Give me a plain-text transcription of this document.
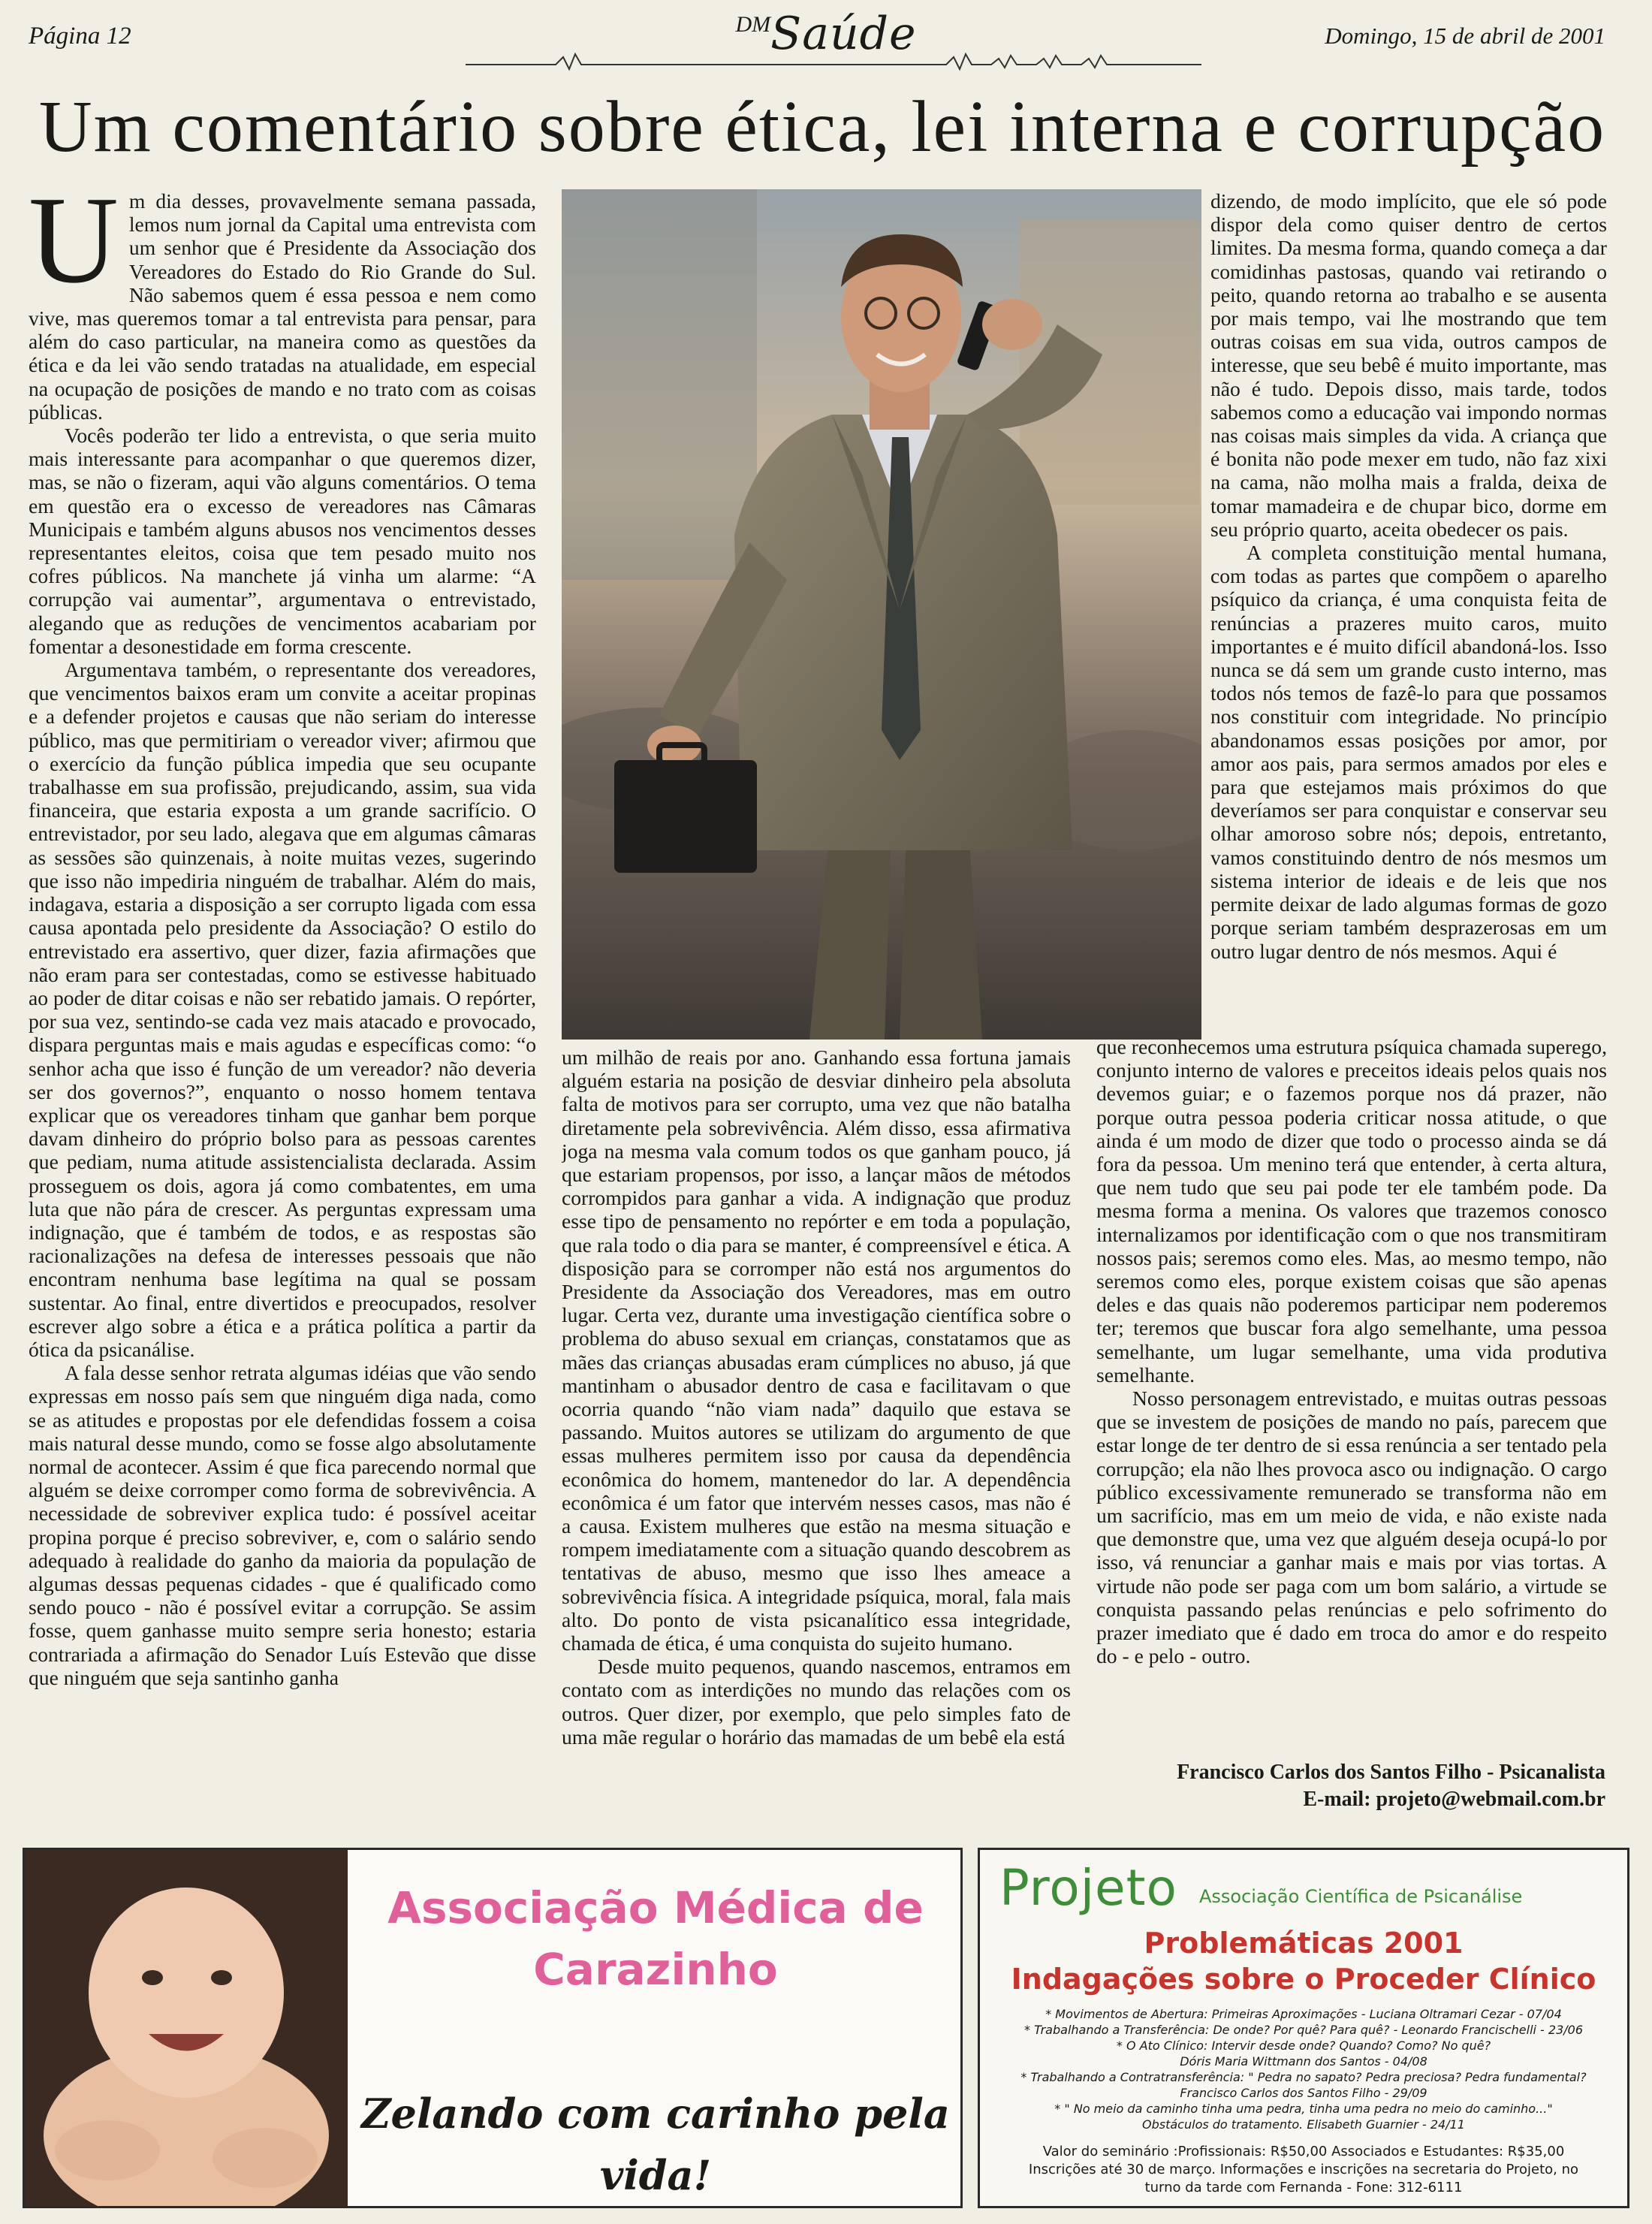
Página 12	DMSaúde	Domingo, 15 de abril de 2001
Um comentário sobre ética, lei interna e corrupção
U m dia desses, provavelmente semana passada, lemos num jornal da Capital uma entrevista com um senhor que é Presidente da Associação dos Vereadores do Estado do Rio Grande do Sul. Não sabemos quem é essa pessoa e nem como vive, mas queremos tomar a tal entrevista para pensar, para além do caso particular, na maneira como as questões da ética e da lei vão sendo tratadas na atualidade, em especial na ocupação de posições de mando e no trato com as coisas públicas.

Vocês poderão ter lido a entrevista, o que seria muito mais interessante para acompanhar o que queremos dizer, mas, se não o fizeram, aqui vão alguns comentários. O tema em questão era o excesso de vereadores nas Câmaras Municipais e também alguns abusos nos vencimentos desses representantes eleitos, coisa que tem pesado muito nos cofres públicos. Na manchete já vinha um alarme: “A corrupção vai aumentar”, argumentava o entrevistado, alegando que as reduções de vencimentos acabariam por fomentar a desonestidade em forma crescente.

Argumentava também, o representante dos vereadores, que vencimentos baixos eram um convite a aceitar propinas e a defender projetos e causas que não seriam do interesse público, mas que permitiriam o vereador viver; afirmou que o exercício da função pública impedia que seu ocupante trabalhasse em sua profissão, prejudicando, assim, sua vida financeira, que estaria exposta a um grande sacrifício. O entrevistador, por seu lado, alegava que em algumas câmaras as sessões são quinzenais, à noite muitas vezes, sugerindo que isso não impediria ninguém de trabalhar. Além do mais, indagava, estaria a disposição a ser corrupto ligada com essa causa apontada pelo presidente da Associação? O estilo do entrevistado era assertivo, quer dizer, fazia afirmações que não eram para ser contestadas, como se estivesse habituado ao poder de ditar coisas e não ser rebatido jamais. O repórter, por sua vez, sentindo-se cada vez mais atacado e provocado, dispara perguntas mais e mais agudas e específicas como: “o senhor acha que isso é função de um vereador? não deveria ser dos governos?”, enquanto o nosso homem tentava explicar que os vereadores tinham que ganhar bem porque davam dinheiro do próprio bolso para as pessoas carentes que pediam, numa atitude assistencialista declarada. Assim prosseguem os dois, agora já como combatentes, em uma luta que não pára de crescer. As perguntas expressam uma indignação, que é também de todos, e as respostas são racionalizações na defesa de interesses pessoais que não encontram nenhuma base legítima na qual se possam sustentar. Ao final, entre divertidos e preocupados, resolver escrever algo sobre a ética e a prática política a partir da ótica da psicanálise.

A fala desse senhor retrata algumas idéias que vão sendo expressas em nosso país sem que ninguém diga nada, como se as atitudes e propostas por ele defendidas fossem a coisa mais natural desse mundo, como se fosse algo absolutamente normal de acontecer. Assim é que fica parecendo normal que alguém se deixe corromper como forma de sobrevivência. A necessidade de sobreviver explica tudo: é possível aceitar propina porque é preciso sobreviver, e, com o salário sendo adequado à realidade do ganho da maioria da população de algumas dessas pequenas cidades - que é qualificado como sendo pouco - não é possível evitar a corrupção. Se assim fosse, quem ganhasse muito sempre seria honesto; estaria contrariada a afirmação do Senador Luís Estevão que disse que ninguém que seja santinho ganha

um milhão de reais por ano. Ganhando essa fortuna jamais alguém estaria na posição de desviar dinheiro pela absoluta falta de motivos para ser corrupto, uma vez que não batalha diretamente pela sobrevivência. Além disso, essa afirmativa joga na mesma vala comum todos os que ganham pouco, já que estariam propensos, por isso, a lançar mãos de métodos corrompidos para ganhar a vida. A indignação que produz esse tipo de pensamento no repórter e em toda a população, que rala todo o dia para se manter, é compreensível e ética. A disposição para se corromper não está nos argumentos do Presidente da Associação dos Vereadores, mas em outro lugar. Certa vez, durante uma investigação científica sobre o problema do abuso sexual em crianças, constatamos que as mães das crianças abusadas eram cúmplices no abuso, já que mantinham o abusador dentro de casa e facilitavam o que ocorria quando “não viam nada” daquilo que estava se passando. Muitos autores se utilizam do argumento de que essas mulheres permitem isso por causa da dependência econômica do homem, mantenedor do lar. A dependência econômica é um fator que intervém nesses casos, mas não é a causa. Existem mulheres que estão na mesma situação e rompem imediatamente com a situação quando descobrem as tentativas de abuso, mesmo que isso lhes ameace a sobrevivência física. A integridade psíquica, moral, fala mais alto. Do ponto de vista psicanalítico essa integridade, chamada de ética, é uma conquista do sujeito humano.

Desde muito pequenos, quando nascemos, entramos em contato com as interdições no mundo das relações com os outros. Quer dizer, por exemplo, que pelo simples fato de uma mãe regular o horário das mamadas de um bebê ela está

dizendo, de modo implícito, que ele só pode dispor dela como quiser dentro de certos limites. Da mesma forma, quando começa a dar comidinhas pastosas, quando vai retirando o peito, quando retorna ao trabalho e se ausenta por mais tempo, vai lhe mostrando que tem outras coisas em sua vida, outros campos de interesse, que seu bebê é muito importante, mas não é tudo. Depois disso, mais tarde, todos sabemos como a educação vai impondo normas nas coisas mais simples da vida. A criança que é bonita não pode mexer em tudo, não faz xixi na cama, não molha mais a fralda, deixa de tomar mamadeira e de chupar bico, dorme em seu próprio quarto, aceita obedecer os pais.

A completa constituição mental humana, com todas as partes que compõem o aparelho psíquico da criança, é uma conquista feita de renúncias a prazeres muito caros, muito importantes e é muito difícil abandoná-los. Isso nunca se dá sem um grande custo interno, mas todos nós temos de fazê-lo para que possamos nos constituir com integridade. No princípio abandonamos essas posições por amor, por amor aos pais, para sermos amados por eles e para que estejamos mais próximos do que deveríamos ser para conquistar e conservar seu olhar amoroso sobre nós; depois, entretanto, vamos constituindo dentro de nós mesmos um sistema interior de ideais e de leis que nos permite deixar de lado algumas formas de gozo porque seriam também desprazerosas em um outro lugar dentro de nós mesmos. Aqui é

que reconhecemos uma estrutura psíquica chamada superego, conjunto interno de valores e preceitos ideais pelos quais nos devemos guiar; e o fazemos porque nos dá prazer, não porque outra pessoa poderia criticar nossa atitude, o que ainda é um modo de dizer que todo o processo ainda se dá fora da pessoa. Um menino terá que entender, à certa altura, que nem tudo que seu pai pode ter ele também pode. Da mesma forma a menina. Os valores que trazemos conosco internalizamos por identificação com o que nos transmitiram nossos pais; seremos como eles. Mas, ao mesmo tempo, não seremos como eles, porque existem coisas que são apenas deles e das quais não poderemos participar nem poderemos ter; teremos que buscar fora algo semelhante, uma pessoa semelhante, um lugar semelhante, uma vida produtiva semelhante.

Nosso personagem entrevistado, e muitas outras pessoas que se investem de posições de mando no país, parecem que estar longe de ter dentro de si essa renúncia a ser tentado pela corrupção; ela não lhes provoca asco ou indignação. O cargo público excessivamente remunerado se transforma não em um sacrifício, mas em um meio de vida, e não existe nada que demonstre que, uma vez que alguém deseja ocupá-lo por isso, vá renunciar a ganhar mais e mais por vias tortas. A virtude não pode ser paga com um bom salário, a virtude se conquista passando pelas renúncias e pelo sofrimento do prazer imediato que é dado em troca do amor e do respeito do - e pelo - outro.

Francisco Carlos dos Santos Filho - Psicanalista
E-mail: projeto@webmail.com.br
Associação Médica de Carazinho
Zelando com carinho pela vida!
Projeto Associação Científica de Psicanálise
Problemáticas 2001
Indagações sobre o Proceder Clínico
* Movimentos de Abertura: Primeiras Aproximações - Luciana Oltramari Cezar - 07/04
* Trabalhando a Transferência: De onde? Por quê? Para quê? - Leonardo Francischelli - 23/06
* O Ato Clínico: Intervir desde onde? Quando? Como? No quê?
Dóris Maria Wittmann dos Santos - 04/08
* Trabalhando a Contratransferência: " Pedra no sapato? Pedra preciosa? Pedra fundamental?
Francisco Carlos dos Santos Filho - 29/09
* " No meio da caminho tinha uma pedra, tinha uma pedra no meio do caminho..."
Obstáculos do tratamento. Elisabeth Guarnier - 24/11
Valor do seminário :Profissionais: R$50,00 Associados e Estudantes: R$35,00
Inscrições até 30 de março. Informações e inscrições na secretaria do Projeto, no
turno da tarde com Fernanda - Fone: 312-6111
